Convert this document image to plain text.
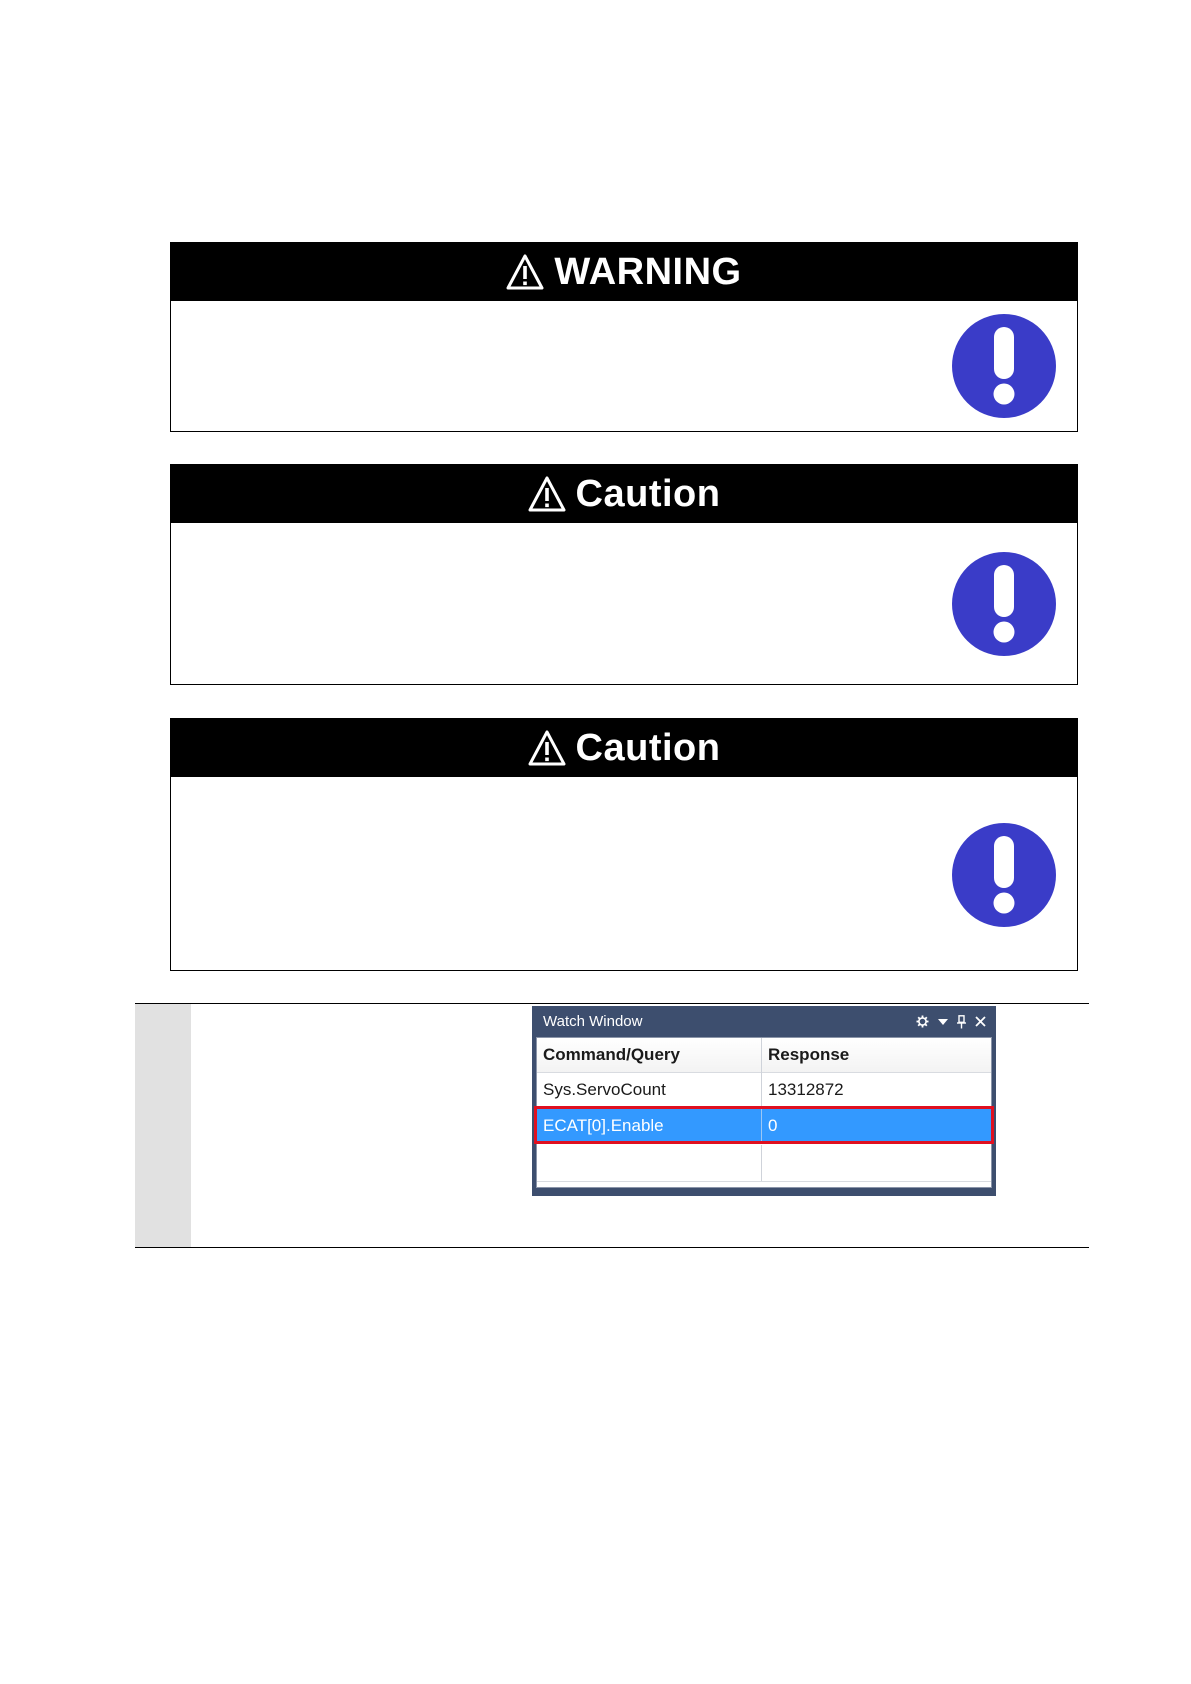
WARNING
Caution
Caution
Watch Window
Command/Query	Response
Sys.ServoCount	13312872
ECAT[0].Enable	0
